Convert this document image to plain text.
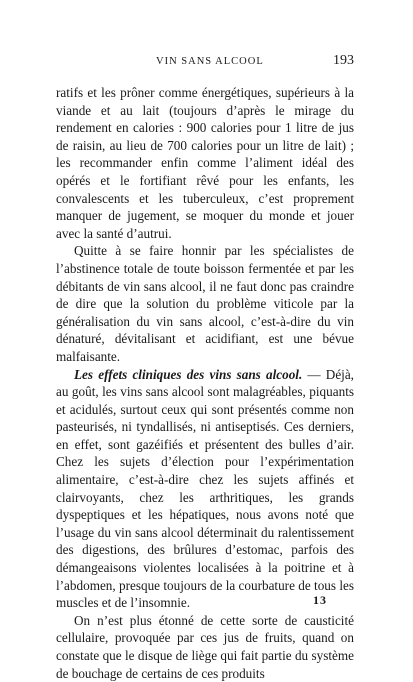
VIN SANS ALCOOL	193

ratifs et les prôner comme énergétiques, supérieurs à la viande et au lait (toujours d’après le mirage du rendement en calories : 900 calories pour 1 litre de jus de raisin, au lieu de 700 calories pour un litre de lait) ; les recommander enfin comme l’aliment idéal des opérés et le fortifiant rêvé pour les enfants, les convalescents et les tuberculeux, c’est proprement manquer de jugement, se moquer du monde et jouer avec la santé d’autrui.

Quitte à se faire honnir par les spécialistes de l’abstinence totale de toute boisson fermentée et par les débitants de vin sans alcool, il ne faut donc pas craindre de dire que la solution du problème viticole par la généralisation du vin sans alcool, c’est-à-dire du vin dénaturé, dévitalisant et acidifiant, est une bévue malfaisante.

Les effets cliniques des vins sans alcool. — Déjà, au goût, les vins sans alcool sont malagréables, piquants et acidulés, surtout ceux qui sont présentés comme non pasteurisés, ni tyndallisés, ni antiseptisés. Ces derniers, en effet, sont gazéifiés et présentent des bulles d’air. Chez les sujets d’élection pour l’expérimentation alimentaire, c’est-à-dire chez les sujets affinés et clairvoyants, chez les arthritiques, les grands dyspeptiques et les hépatiques, nous avons noté que l’usage du vin sans alcool déterminait du ralentissement des digestions, des brûlures d’estomac, parfois des démangeaisons violentes localisées à la poitrine et à l’abdomen, presque toujours de la courbature de tous les muscles et de l’insomnie.

On n’est plus étonné de cette sorte de causticité cellulaire, provoquée par ces jus de fruits, quand on constate que le disque de liège qui fait partie du système de bouchage de certains de ces produits

13
